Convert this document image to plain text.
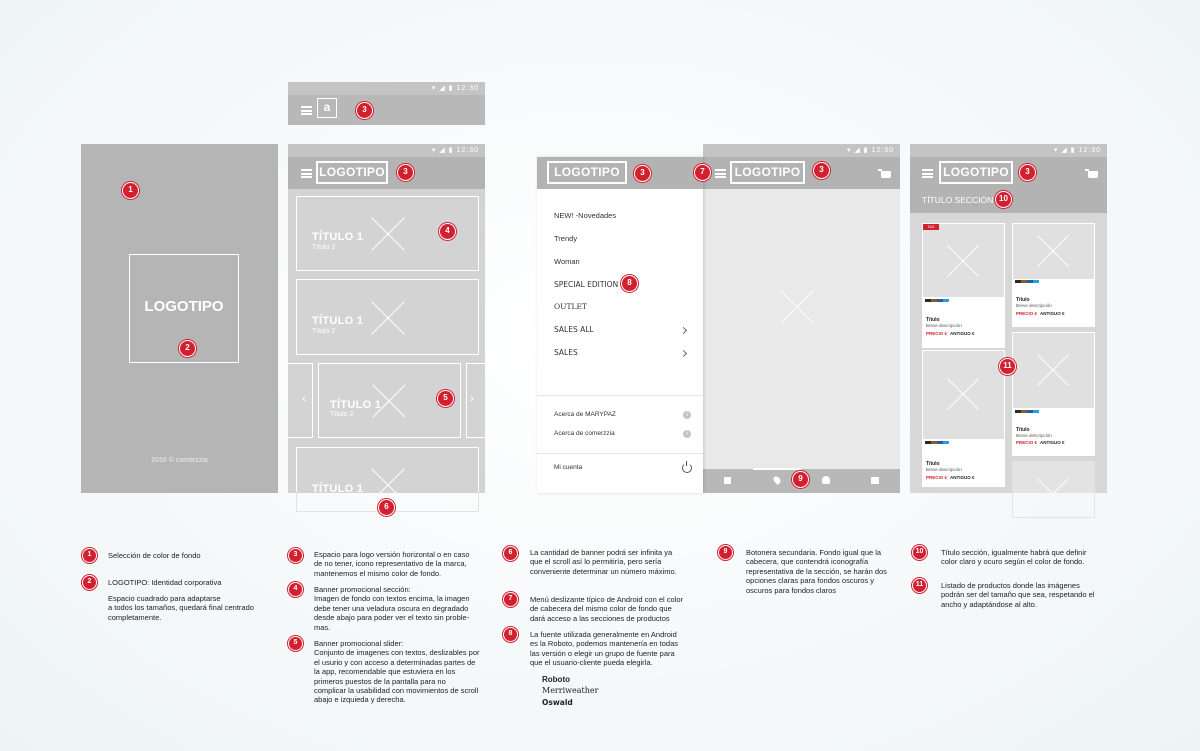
LOGOTIPO
2016 © comerzzia
▾ ◢ ▮ 12:30
a
▾ ◢ ▮ 12:30
LOGOTIPO
TÍTULO 1
Título 2
TÍTULO 1
Título 2
‹ TÍTULO 1
Título 2
›
TÍTULO 1
▾ ◢ ▮ 12:30
LOGOTIPO
LOGOTIPO
NEW! -Novedades
Trendy
Woman
SPECIAL EDITION
OUTLET
SALES ALL
SALES
Acerca de MARYPAZ	i
Acerca de comerzzia	i
Mi cuenta
▾ ◢ ▮ 12:30
LOGOTIPO
TÍTULO SECCIÓN
TAG
Título
Breve descripción
PRECIO € ANTIGUO €
Título
Breve descripción
PRECIO € ANTIGUO €
Título
Breve descripción
PRECIO € ANTIGUO €
Título
Breve descripción
PRECIO € ANTIGUO €
1
2
3
3	3	3	3
4
5
6
7
8
9
10
11
1	Selección de color de fondo
2	LOGOTIPO: Identidad corporativa
Espacio cuadrado para adaptarse
a todos los tamaños, quedará final centrado
completamente.
3	Espacio para logo versión horizontal o en caso
de no tener, icono representativo de la marca,
mantenemos el mismo color de fondo.
4	Banner promocional sección:
Imagen de fondo con textos encima, la imagen
debe tener una veladura oscura en degradado
desde abajo para poder ver el texto sin proble-
mas.
5	Banner promocional slider:
Conjunto de imagenes con textos, deslizables por
el usurio y con acceso a determinadas partes de
la app, recomendable que estuviera en los
primeros puestos de la pantalla para no
complicar la usabilidad con movimientos de scroll
abajo e izquieda y derecha.
6	La cantidad de banner podrá ser infinita ya
que el scroll así lo permitiría, pero sería
conveniente determinar un número máximo.
7	Menú deslizante típico de Android con el color
de cabecera del mismo color de fondo que
dará acceso a las secciones de productos
8	La fuente utilizada generalmente en Android
es la Roboto, podemos mantenería en todas
las versión o elegir un grupo de fuente para
que el usuario-cliente pueda elegirla.
Roboto
Merriweather
Oswald
9	Botonera secundaria. Fondo igual que la
cabecera, que contendrá iconografía
representativa de la sección, se harán dos
opciones claras para fondos oscuros y
oscuros para fondos claros
10	Título sección, igualmente habrá que definir
color claro y ocuro según el color de fondo.
11	Listado de productos donde las imágenes
podrán ser del tamaño que sea, respetando el
ancho y adaptándose al alto.
